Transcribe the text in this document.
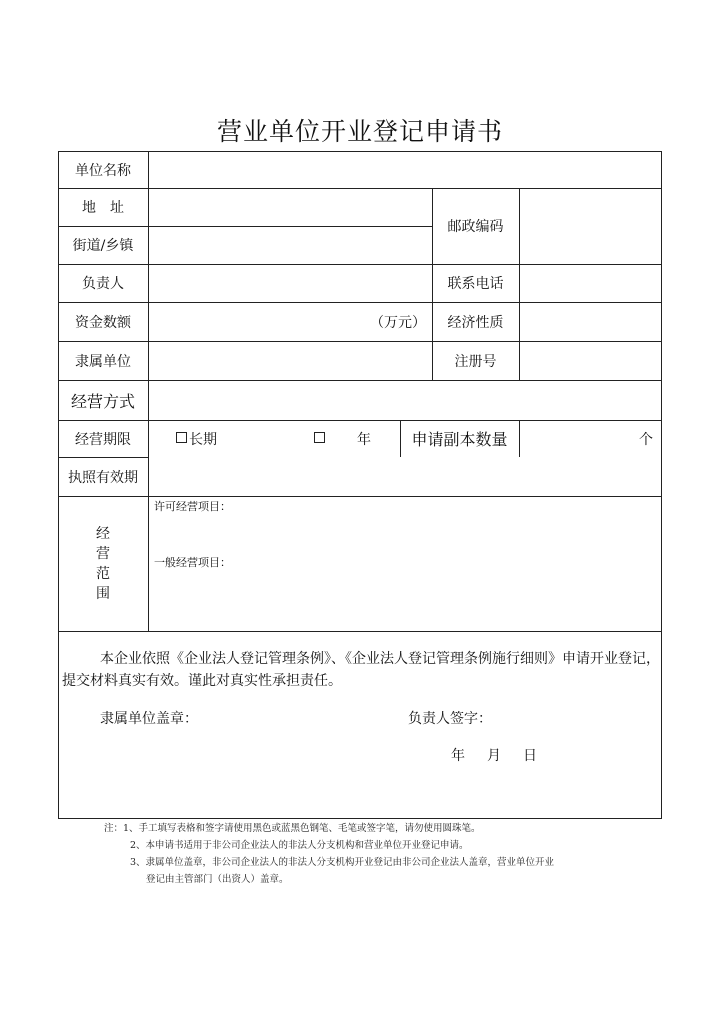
营业单位开业登记申请书
单位名称
地　址
街道/乡镇
邮政编码
负责人	联系电话
资金数额	（万元）	经济性质
隶属单位	注册号
经营方式
经营期限	长期	年	申请副本数量	个
执照有效期
经
营
范
围
许可经营项目：
一般经营项目：
本企业依照《企业法人登记管理条例》、《企业法人登记管理条例施行细则》申请开业登记，提交材料真实有效。谨此对真实性承担责任。
隶属单位盖章：	负责人签字：
年 月 日
注：1、手工填写表格和签字请使用黑色或蓝黑色钢笔、毛笔或签字笔，请勿使用圆珠笔。
2、本申请书适用于非公司企业法人的非法人分支机构和营业单位开业登记申请。
3、隶属单位盖章，非公司企业法人的非法人分支机构开业登记由非公司企业法人盖章，营业单位开业
登记由主管部门（出资人）盖章。
